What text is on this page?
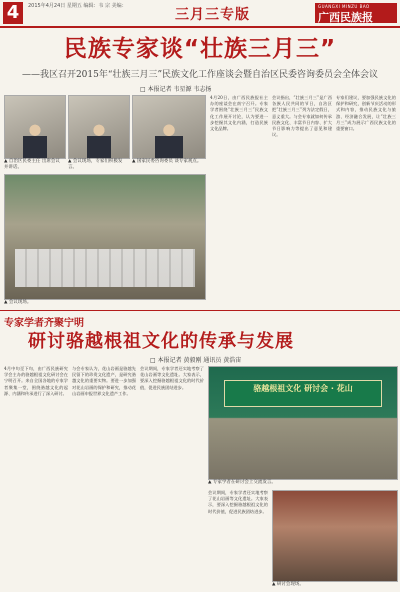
4	2015年4月24日 星期五 编辑：韦 宗 美编：
三月三专版
GUANGXI MINZU BAO
广西民族报
民族专家谈“壮族三月三”
——我区召开2015年“壮族三月三”民族文化工作座谈会暨自治区民委咨询委员会全体会议
□ 本报记者 韦星源 韦志扬
▲ 自治区民委主任 出席会议并讲话。
▲ 会议现场，专家们积极发言。
▲ 国家民委咨询委员 谈专家观点。
▲ 会议现场。
4月20日，由广西民族报社主办的座谈会在南宁召开。专家学者围绕“壮族三月三”民族文化工作展开讨论，认为要进一步挖掘其文化内涵，打造民族文化品牌。
会议指出，“壮族三月三”是广西各族人民共同的节日，自治区把“壮族三月三”列为法定假日，意义重大。与会专家就如何传承民族文化、丰富节日内容、扩大节日影响力等提出了意见和建议。
专家们建议，要加强民族文化的保护和研究，创新节庆活动的形式和内容，推动民族文化与旅游、经济融合发展，让“壮族三月三”成为展示广西民族文化的重要窗口。
专家学者齐聚宁明
研讨骆越根祖文化的传承与发展
□ 本报记者 黄毅刚 通讯员 黄浩宙
4月中旬至下旬，由广西民族研究学会主办的骆越根祖文化研讨会在宁明召开。来自全国各地的专家学者聚集一堂，围绕骆越文化的起源、内涵和传承进行了深入研讨。
与会专家认为，花山岩画是骆越先民留下的珍贵文化遗产，是研究骆越文化的重要实物。要进一步加强对花山岩画的保护和研究，推动花山岩画申报世界文化遗产工作。
会议期间，专家学者还实地考察了花山岩画等文化遗址。大家表示，要深入挖掘骆越根祖文化的时代价值，促进民族团结进步。	骆越根祖文化 研讨会 · 花山
▲ 专家学者在研讨会上交流发言。
▲ 研讨会现场。
会议期间，专家学者还实地考察了花山岩画等文化遗址。大家表示，要深入挖掘骆越根祖文化的时代价值，促进民族团结进步。
